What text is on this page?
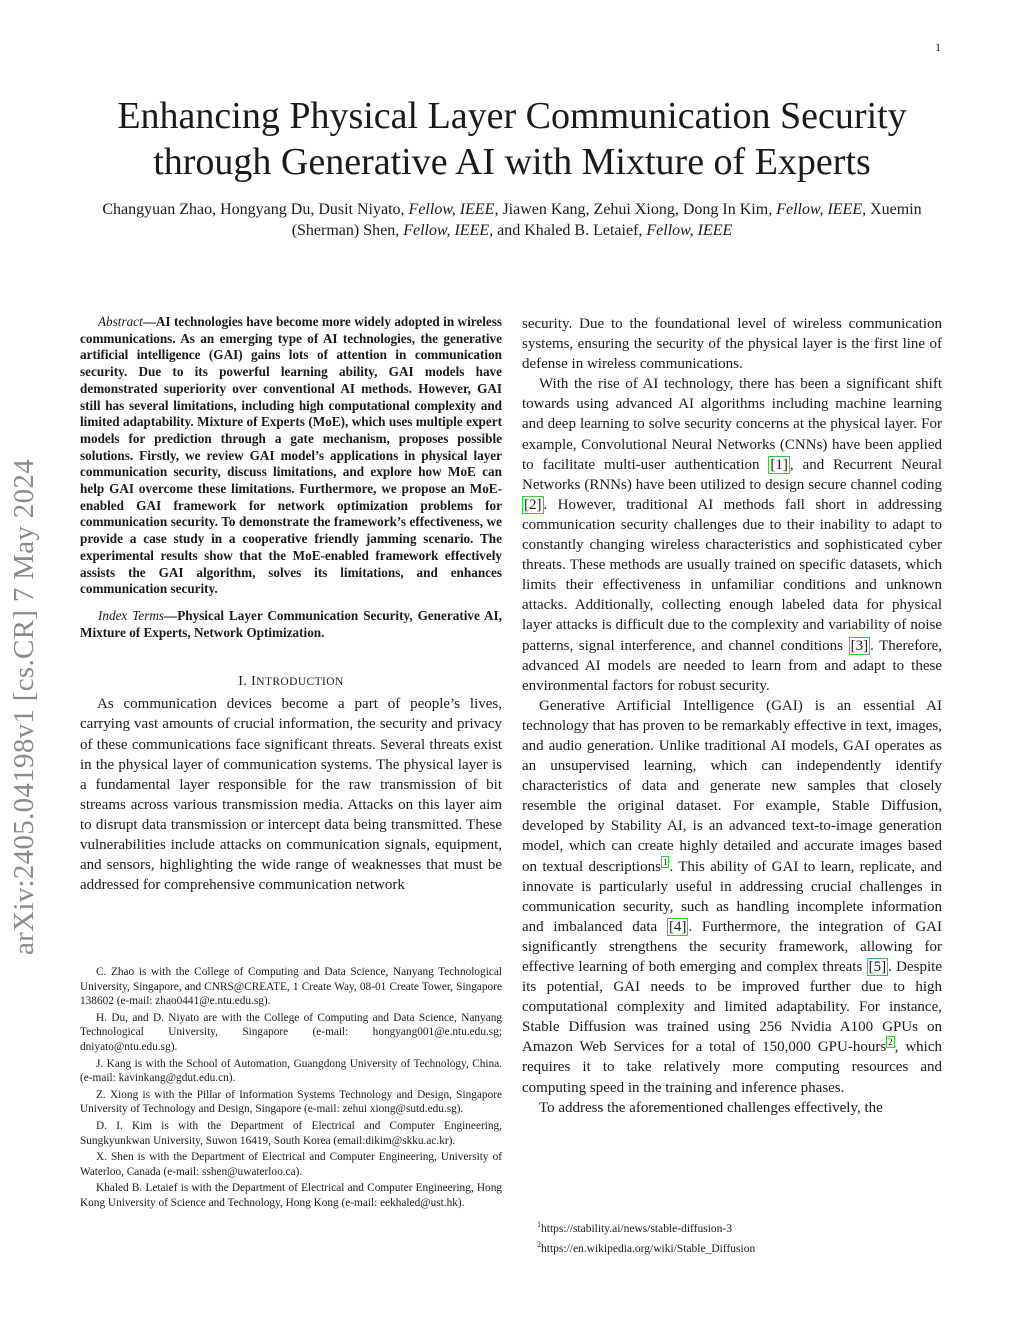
1
arXiv:2405.04198v1 [cs.CR] 7 May 2024
Enhancing Physical Layer Communication Security through Generative AI with Mixture of Experts

Changyuan Zhao, Hongyang Du, Dusit Niyato, Fellow, IEEE, Jiawen Kang, Zehui Xiong, Dong In Kim, Fellow, IEEE, Xuemin (Sherman) Shen, Fellow, IEEE, and Khaled B. Letaief, Fellow, IEEE

Abstract—AI technologies have become more widely adopted in wireless communications. As an emerging type of AI technologies, the generative artificial intelligence (GAI) gains lots of attention in communication security. Due to its powerful learning ability, GAI models have demonstrated superiority over conventional AI methods. However, GAI still has several limitations, including high computational complexity and limited adaptability. Mixture of Experts (MoE), which uses multiple expert models for prediction through a gate mechanism, proposes possible solutions. Firstly, we review GAI model’s applications in physical layer communication security, discuss limitations, and explore how MoE can help GAI overcome these limitations. Furthermore, we propose an MoE-enabled GAI framework for network optimization problems for communication security. To demonstrate the framework’s effectiveness, we provide a case study in a cooperative friendly jamming scenario. The experimental results show that the MoE-enabled framework effectively assists the GAI algorithm, solves its limitations, and enhances communication security.

Index Terms—Physical Layer Communication Security, Generative AI, Mixture of Experts, Network Optimization.

I. INTRODUCTION

As communication devices become a part of people’s lives, carrying vast amounts of crucial information, the security and privacy of these communications face significant threats. Several threats exist in the physical layer of communication systems. The physical layer is a fundamental layer responsible for the raw transmission of bit streams across various transmission media. Attacks on this layer aim to disrupt data transmission or intercept data being transmitted. These vulnerabilities include attacks on communication signals, equipment, and sensors, highlighting the wide range of weaknesses that must be addressed for comprehensive communication network

C. Zhao is with the College of Computing and Data Science, Nanyang Technological University, Singapore, and CNRS@CREATE, 1 Create Way, 08-01 Create Tower, Singapore 138602 (e-mail: zhao0441@e.ntu.edu.sg).

H. Du, and D. Niyato are with the College of Computing and Data Science, Nanyang Technological University, Singapore (e-mail: hongyang001@e.ntu.edu.sg; dniyato@ntu.edu.sg).

J. Kang is with the School of Automation, Guangdong University of Technology, China. (e-mail: kavinkang@gdut.edu.cn).

Z. Xiong is with the Pillar of Information Systems Technology and Design, Singapore University of Technology and Design, Singapore (e-mail: zehui xiong@sutd.edu.sg).

D. I. Kim is with the Department of Electrical and Computer Engineering, Sungkyunkwan University, Suwon 16419, South Korea (email:dikim@skku.ac.kr).

X. Shen is with the Department of Electrical and Computer Engineering, University of Waterloo, Canada (e-mail: sshen@uwaterloo.ca).

Khaled B. Letaief is with the Department of Electrical and Computer Engineering, Hong Kong University of Science and Technology, Hong Kong (e-mail: eekhaled@ust.hk).

security. Due to the foundational level of wireless communication systems, ensuring the security of the physical layer is the first line of defense in wireless communications.

With the rise of AI technology, there has been a significant shift towards using advanced AI algorithms including machine learning and deep learning to solve security concerns at the physical layer. For example, Convolutional Neural Networks (CNNs) have been applied to facilitate multi-user authentication [1] , and Recurrent Neural Networks (RNNs) have been utilized to design secure channel coding [2] . However, traditional AI methods fall short in addressing communication security challenges due to their inability to adapt to constantly changing wireless characteristics and sophisticated cyber threats. These methods are usually trained on specific datasets, which limits their effectiveness in unfamiliar conditions and unknown attacks. Additionally, collecting enough labeled data for physical layer attacks is difficult due to the complexity and variability of noise patterns, signal interference, and channel conditions [3] . Therefore, advanced AI models are needed to learn from and adapt to these environmental factors for robust security.

Generative Artificial Intelligence (GAI) is an essential AI technology that has proven to be remarkably effective in text, images, and audio generation. Unlike traditional AI models, GAI operates as an unsupervised learning, which can independently identify characteristics of data and generate new samples that closely resemble the original dataset. For example, Stable Diffusion, developed by Stability AI, is an advanced text-to-image generation model, which can create highly detailed and accurate images based on textual descriptions $^1$ . This ability of GAI to learn, replicate, and innovate is particularly useful in addressing crucial challenges in communication security, such as handling incomplete information and imbalanced data [4] . Furthermore, the integration of GAI significantly strengthens the security framework, allowing for effective learning of both emerging and complex threats [5] . Despite its potential, GAI needs to be improved further due to high computational complexity and limited adaptability. For instance, Stable Diffusion was trained using 256 Nvidia A100 GPUs on Amazon Web Services for a total of 150,000 GPU-hours $^2$ , which requires it to take relatively more computing resources and computing speed in the training and inference phases.

To address the aforementioned challenges effectively, the

$^1$https://stability.ai/news/stable-diffusion-3

$^2$https://en.wikipedia.org/wiki/Stable_Diffusion
